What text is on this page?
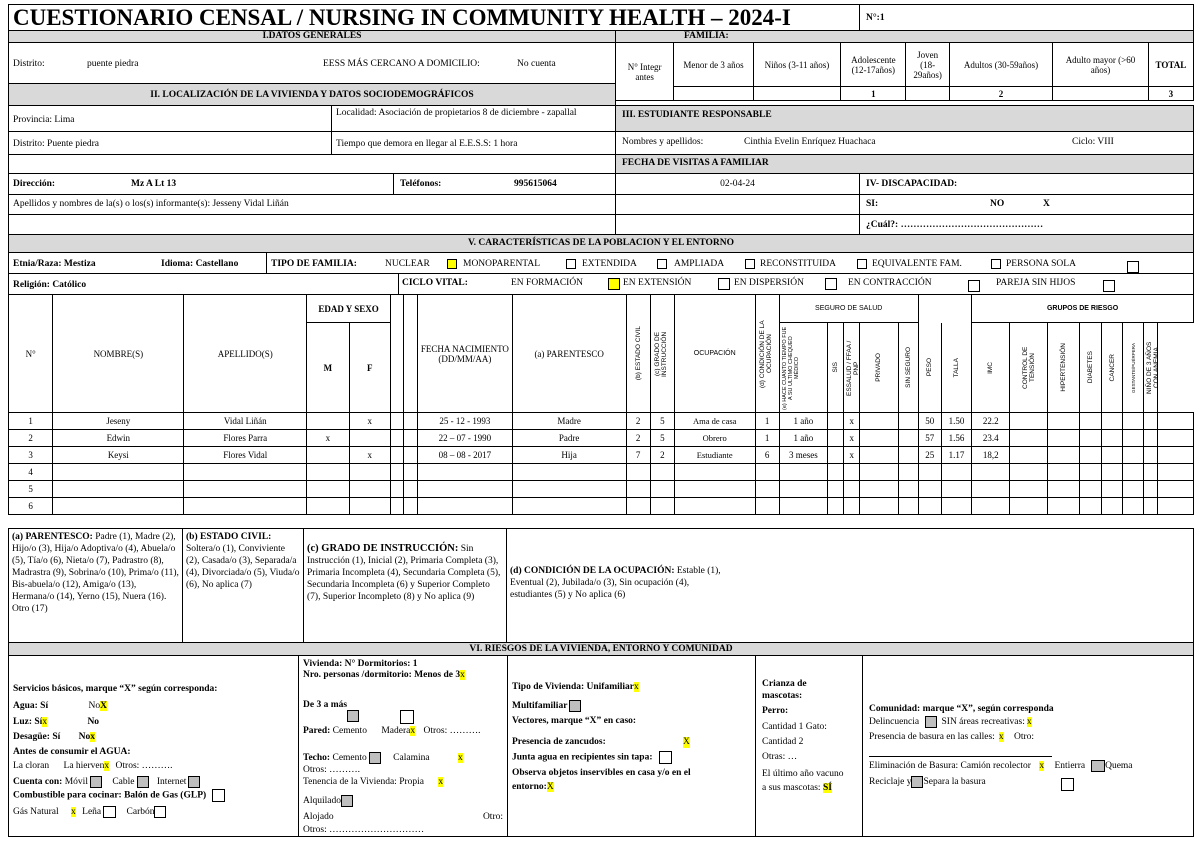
CUESTIONARIO CENSAL / NURSING IN COMMUNITY HEALTH – 2024-I	N°:1
I.DATOS GENERALES
Distrito:	puente piedra	EESS MÁS CERCANO A DOMICILIO:	No cuenta
II. LOCALIZACIÓN DE LA VIVIENDA Y DATOS SOCIODEMOGRÁFICOS
FAMILIA:
N° Integr antes	Menor de 3 años	Niños (3-11 años)	Adolescente (12-17años)	Joven (18-29años)	Adultos (30-59años)	Adulto mayor (>60 años)	TOTAL
			1		2		3
Provincia: Lima
Localidad: Asociación de propietarios 8 de diciembre - zapallal
Distrito: Puente piedra	Tiempo que demora en llegar al E.E.S.S: 1 hora
Dirección:	Mz A Lt 13	Teléfonos:	995615064
Apellidos y nombres de la(s) o los(s) informante(s): Jesseny Vidal Liñán
III. ESTUDIANTE RESPONSABLE
Nombres y apellidos:	Cinthia Evelin Enríquez Huachaca	Ciclo: VIII
FECHA DE VISITAS A FAMILIAR
02-04-24	IV- DISCAPACIDAD:
SI:	NO	X
¿Cuál?: ………………………………………
V. CARACTERÍSTICAS DE LA POBLACION Y EL ENTORNO
Etnia/Raza: Mestiza	Idioma: Castellano	TIPO DE FAMILIA:	NUCLEAR	MONOPARENTAL	EXTENDIDA	AMPLIADA	RECONSTITUIDA	EQUIVALENTE FAM.	PERSONA SOLA
Religión: Católico	CICLO VITAL:	EN FORMACIÓN	EN EXTENSIÓN	EN DISPERSIÓN	EN CONTRACCIÓN	PAREJA SIN HIJOS
N°	NOMBRE(S)	APELLIDO(S)	EDAD Y SEXO				FECHA NACIMIENTO (DD/MM/AA)	(a) PARENTESCO	(b) ESTADO CIVIL	(c) GRADO DE INSTRUCCIÓN	OCUPACIÓN	(d) CONDICIÓN DE LA OCUPACIÓN	SEGURO DE SALUD							GRUPOS DE RIESGO							
			M	F									(e) HACE CUANTO TIEMPO FUE A SU ULTIMO CHEQUEO MÉDICO	SIS	ESSALUD / FFAA / PNP	PRIVADO	SIN SEGURO	PESO	TALLA	IMC	CONTROL DE TENSIÓN	HIPERTENSIÓN	DIABETES	CANCER	GESTANTE/PUÉRPERA	NIÑO DE 3 AÑOS CON ANEMIA	

1	Jeseny	Vidal Liñán		x			25 - 12 - 1993	Madre	2	5	Ama de casa	1	1 año		x			50	1.50	22.2							
2	Edwin	Flores Parra	x				22 – 07 - 1990	Padre	2	5	Obrero	1	1 año		x			57	1.56	23.4							
3	Keysi	Flores Vidal		x			08 – 08 - 2017	Hija	7	2	Estudiante	6	3 meses		x			25	1.17	18,2							
4																											
5																											
6																											
(a) PARENTESCO: Padre (1), Madre (2), Hijo/o (3), Hija/o Adoptiva/o (4), Abuela/o (5), Tía/o (6), Nieta/o (7), Padrastro (8), Madrastra (9), Sobrina/o (10), Prima/o (11), Bis-abuela/o (12), Amiga/o (13), Hermana/o (14), Yerno (15), Nuera (16). Otro (17)
(b) ESTADO CIVIL: Soltera/o (1), Conviviente (2), Casada/o (3), Separada/a (4), Divorciada/o (5), Viuda/o (6), No aplica (7)
(c) GRADO DE INSTRUCCIÓN: Sin Instrucción (1), Inicial (2), Primaria Completa (3), Primaria Incompleta (4), Secundaria Completa (5), Secundaria Incompleta (6) y Superior Completo (7), Superior Incompleto (8) y No aplica (9)
(d) CONDICIÓN DE LA OCUPACIÓN: Estable (1), Eventual (2), Jubilada/o (3), Sin ocupación (4), estudiantes (5) y No aplica (6)
VI. RIESGOS DE LA VIVIENDA, ENTORNO Y COMUNIDAD
Servicios básicos, marque “X” según corresponda:
Agua: Sí	NoX
Luz: Síx	No
Desagüe: Sí Nox
Antes de consumir el AGUA:
La cloran La hiervenx Otros: ……….
Cuenta con: Móvil	Cable Internet
Combustible para cocinar: Balón de Gas (GLP)
Gás Natural x Leña	Carbón
Vivienda: N° Dormitorios: 1
Nro. personas /dormitorio: Menos de 3x
De 3 a más
Pared: Cemento Maderax Otros: ……….
Techo: Cemento	Calamina	x
Otros: ……….
Tenencia de la Vivienda: Propia x
Alquilado
Alojado	Otro:
Otros: …………………………
Tipo de Vivienda: Unifamiliarx
Multifamiliar
Vectores, marque “X” en caso:
Presencia de zancudos:	X
Junta agua en recipientes sin tapa:
Observa objetos inservibles en casa y/o en el entorno:X
Crianza de mascotas:
Perro:
Cantidad 1 Gato:
Cantidad 2
Otras: …
El último año vacuno a sus mascotas: SÍ
Comunidad: marque “X”, según corresponda
Delincuencia SIN áreas recreativas: x
Presencia de basura en las calles: x Otro:
Eliminación de Basura: Camión recolector x Entierra Quema
Reciclaje y Separa la basura
